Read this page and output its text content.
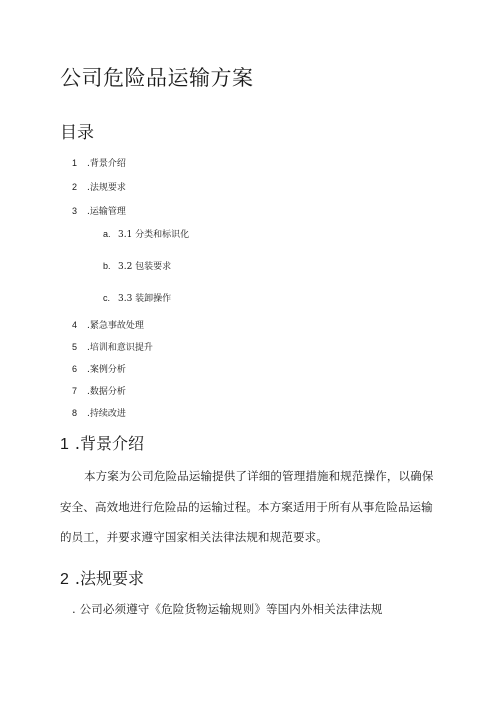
公司危险品运输方案
目录
1 .背景介绍
2 .法规要求
3 .运输管理
a. 3.1 分类和标识化
b. 3.2 包装要求
c. 3.3 装卸操作
4 .紧急事故处理
5 .培训和意识提升
6 .案例分析
7 .数据分析
8 .持续改进
1 .背景介绍
本方案为公司危险品运输提供了详细的管理措施和规范操作，以确保
安全、高效地进行危险品的运输过程。本方案适用于所有从事危险品运输
的员工，并要求遵守国家相关法律法规和规范要求。
2 .法规要求
. 公司必须遵守《危险货物运输规则》等国内外相关法律法规
